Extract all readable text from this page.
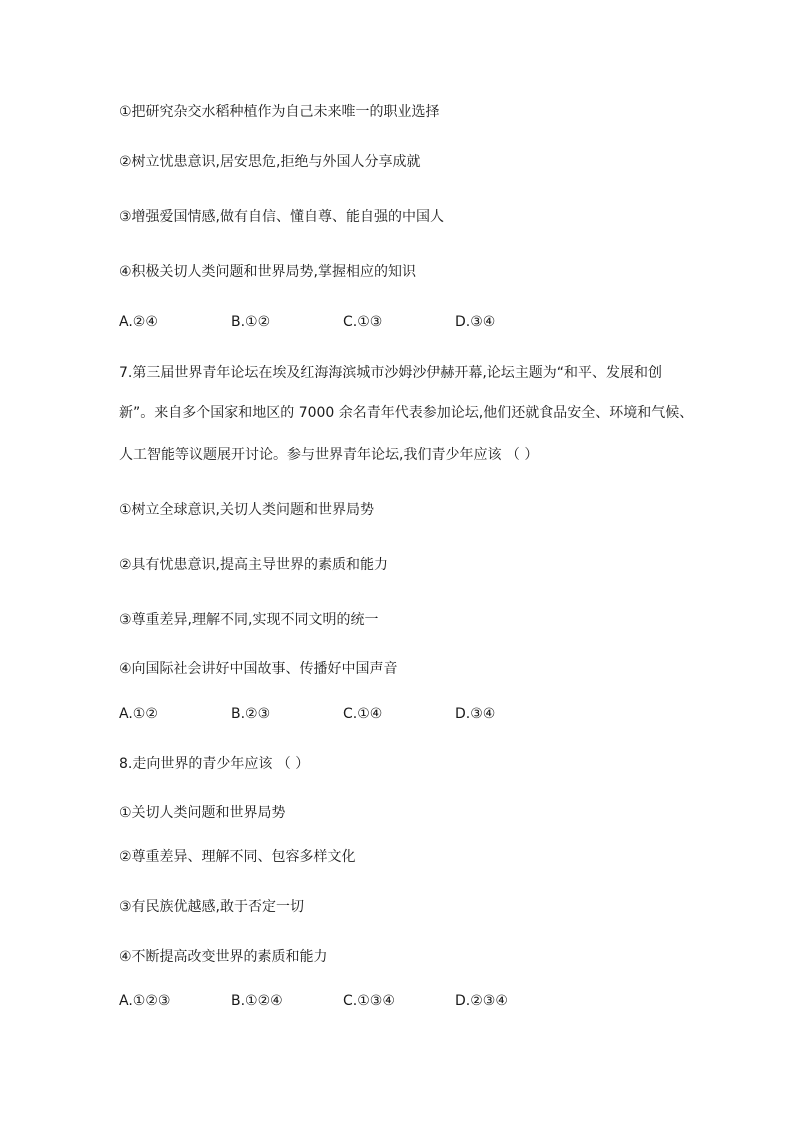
①把研究杂交水稻种植作为自己未来唯一的职业选择
②树立忧患意识,居安思危,拒绝与外国人分享成就
③增强爱国情感,做有自信、懂自尊、能自强的中国人
④积极关切人类问题和世界局势,掌握相应的知识
A.②④	B.①②	C.①③	D.③④
7.第三届世界青年论坛在埃及红海海滨城市沙姆沙伊赫开幕,论坛主题为“和平、发展和创
新”。来自多个国家和地区的 7000 余名青年代表参加论坛,他们还就食品安全、环境和气候、
人工智能等议题展开讨论。参与世界青年论坛,我们青少年应该 （ ）
①树立全球意识,关切人类问题和世界局势
②具有忧患意识,提高主导世界的素质和能力
③尊重差异,理解不同,实现不同文明的统一
④向国际社会讲好中国故事、传播好中国声音
A.①②	B.②③	C.①④	D.③④
8.走向世界的青少年应该 （ ）
①关切人类问题和世界局势
②尊重差异、理解不同、包容多样文化
③有民族优越感,敢于否定一切
④不断提高改变世界的素质和能力
A.①②③	B.①②④	C.①③④	D.②③④
